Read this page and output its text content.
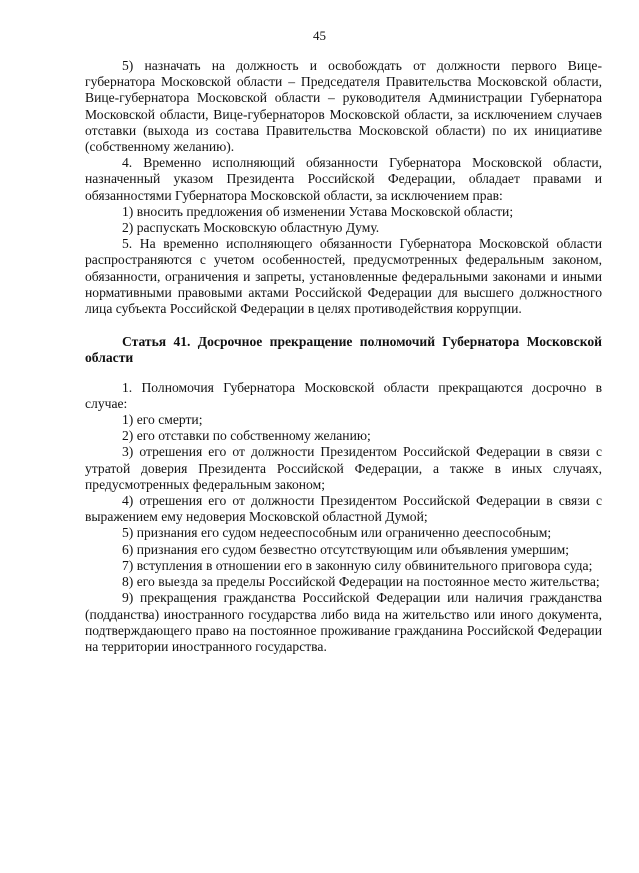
45

5) назначать на должность и освобождать от должности первого Вице-губернатора Московской области – Председателя Правительства Московской области, Вице-губернатора Московской области – руководителя Администрации Губернатора Московской области, Вице-губернаторов Московской области, за исключением случаев отставки (выхода из состава Правительства Московской области) по их инициативе (собственному желанию).

4. Временно исполняющий обязанности Губернатора Московской области, назначенный указом Президента Российской Федерации, обладает правами и обязанностями Губернатора Московской области, за исключением прав:

1) вносить предложения об изменении Устава Московской области;

2) распускать Московскую областную Думу.

5. На временно исполняющего обязанности Губернатора Московской области распространяются с учетом особенностей, предусмотренных федеральным законом, обязанности, ограничения и запреты, установленные федеральными законами и иными нормативными правовыми актами Российской Федерации для высшего должностного лица субъекта Российской Федерации в целях противодействия коррупции.

Статья 41. Досрочное прекращение полномочий Губернатора Московской области

1. Полномочия Губернатора Московской области прекращаются досрочно в случае:

1) его смерти;

2) его отставки по собственному желанию;

3) отрешения его от должности Президентом Российской Федерации в связи с утратой доверия Президента Российской Федерации, а также в иных случаях, предусмотренных федеральным законом;

4) отрешения его от должности Президентом Российской Федерации в связи с выражением ему недоверия Московской областной Думой;

5) признания его судом недееспособным или ограниченно дееспособным;

6) признания его судом безвестно отсутствующим или объявления умершим;

7) вступления в отношении его в законную силу обвинительного приговора суда;

8) его выезда за пределы Российской Федерации на постоянное место жительства;

9) прекращения гражданства Российской Федерации или наличия гражданства (подданства) иностранного государства либо вида на жительство или иного документа, подтверждающего право на постоянное проживание гражданина Российской Федерации на территории иностранного государства.
